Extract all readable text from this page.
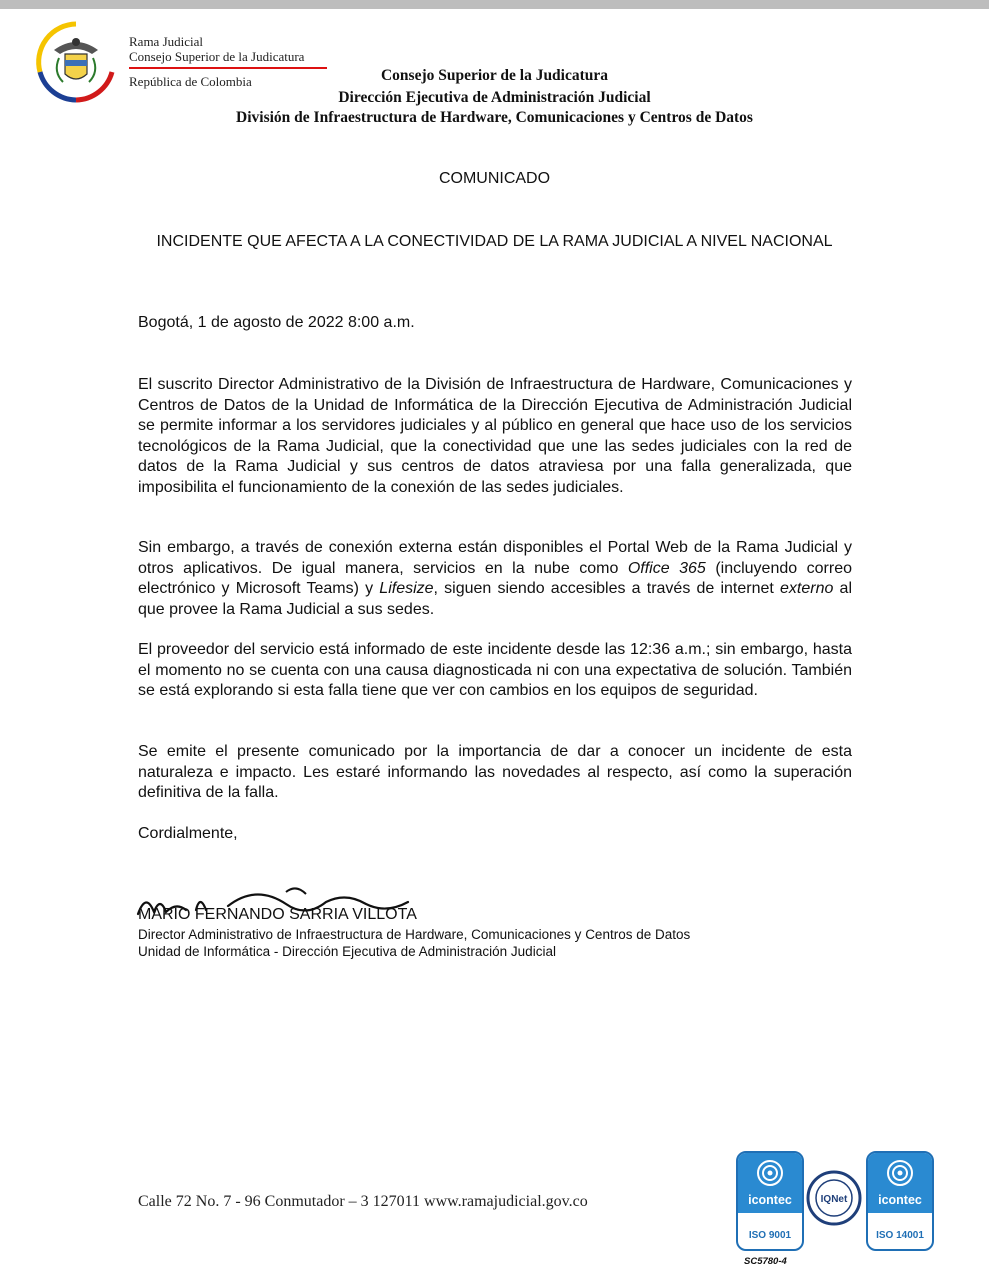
Rama Judicial
Consejo Superior de la Judicatura
República de Colombia	Consejo Superior de la Judicatura
Dirección Ejecutiva de Administración Judicial
División de Infraestructura de Hardware, Comunicaciones y Centros de Datos
COMUNICADO
INCIDENTE QUE AFECTA A LA CONECTIVIDAD DE LA RAMA JUDICIAL A NIVEL NACIONAL
Bogotá, 1 de agosto de 2022 8:00 a.m.

El suscrito Director Administrativo de la División de Infraestructura de Hardware, Comunicaciones y Centros de Datos de la Unidad de Informática de la Dirección Ejecutiva de Administración Judicial se permite informar a los servidores judiciales y al público en general que hace uso de los servicios tecnológicos de la Rama Judicial, que la conectividad que une las sedes judiciales con la red de datos de la Rama Judicial y sus centros de datos atraviesa por una falla generalizada, que imposibilita el funcionamiento de la conexión de las sedes judiciales.

Sin embargo, a través de conexión externa están disponibles el Portal Web de la Rama Judicial y otros aplicativos. De igual manera, servicios en la nube como Office 365 (incluyendo correo electrónico y Microsoft Teams) y Lifesize, siguen siendo accesibles a través de internet externo al que provee la Rama Judicial a sus sedes.

El proveedor del servicio está informado de este incidente desde las 12:36 a.m.; sin embargo, hasta el momento no se cuenta con una causa diagnosticada ni con una expectativa de solución. También se está explorando si esta falla tiene que ver con cambios en los equipos de seguridad.

Se emite el presente comunicado por la importancia de dar a conocer un incidente de esta naturaleza e impacto. Les estaré informando las novedades al respecto, así como la superación definitiva de la falla.

Cordialmente,
MARIO FERNANDO SARRIA VILLOTA
Director Administrativo de Infraestructura de Hardware, Comunicaciones y Centros de Datos
Unidad de Informática - Dirección Ejecutiva de Administración Judicial
Calle 72 No. 7 - 96 Conmutador – 3 127011 www.ramajudicial.gov.co	icontec
ISO 9001
IQNet	icontec
ISO 14001
SC5780-4
